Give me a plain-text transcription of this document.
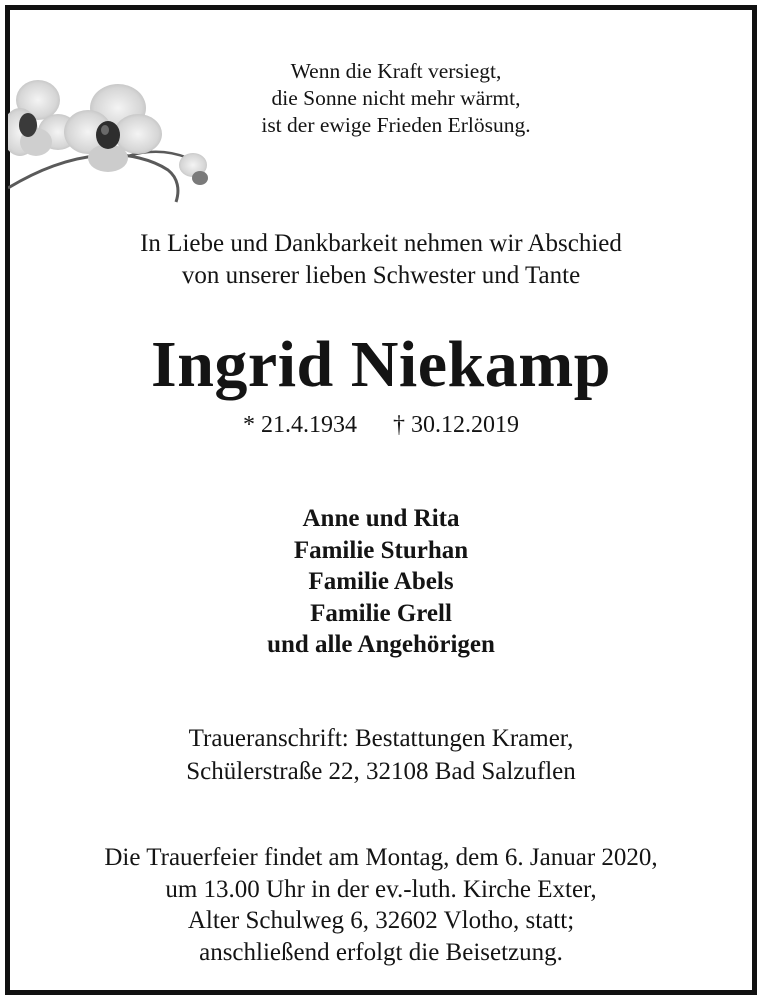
Wenn die Kraft versiegt,
die Sonne nicht mehr wärmt,
ist der ewige Frieden Erlösung.
In Liebe und Dankbarkeit nehmen wir Abschied
von unserer lieben Schwester und Tante
Ingrid Niekamp
* 21.4.1934 † 30.12.2019
Anne und Rita
Familie Sturhan
Familie Abels
Familie Grell
und alle Angehörigen
Traueranschrift: Bestattungen Kramer,
Schülerstraße 22, 32108 Bad Salzuflen
Die Trauerfeier findet am Montag, dem 6. Januar 2020,
um 13.00 Uhr in der ev.-luth. Kirche Exter,
Alter Schulweg 6, 32602 Vlotho, statt;
anschließend erfolgt die Beisetzung.
